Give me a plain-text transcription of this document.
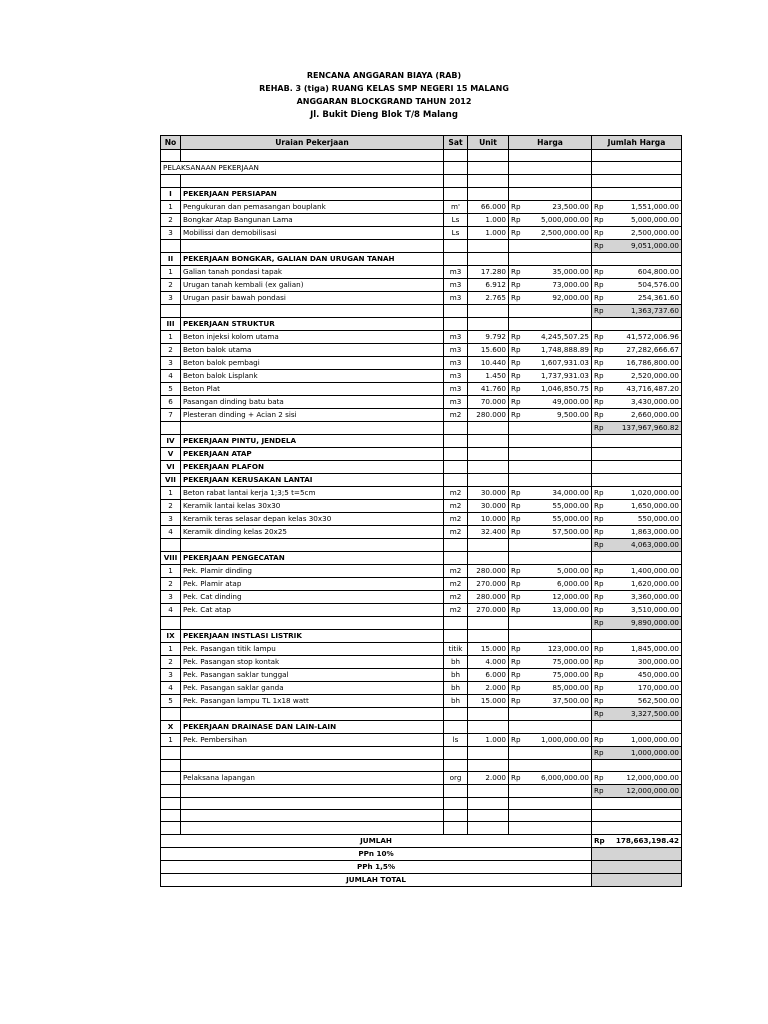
RENCANA ANGGARAN BIAYA (RAB)
REHAB. 3 (tiga) RUANG KELAS SMP NEGERI 15 MALANG
ANGGARAN BLOCKGRAND TAHUN 2012
Jl. Bukit Dieng Blok T/8 Malang
No	Uraian Pekerjaan	Sat	Unit	Harga		Jumlah Harga	

PELAKSANAAN PEKERJAAN							

I	PEKERJAAN PERSIAPAN						
1	Pengukuran dan pemasangan bouplank	m'	66.000	Rp	23,500.00	Rp	1,551,000.00
2	Bongkar Atap Bangunan Lama	Ls	1.000	Rp	5,000,000.00	Rp	5,000,000.00
3	Mobilissi dan demobilisasi	Ls	1.000	Rp	2,500,000.00	Rp	2,500,000.00
						Rp	9,051,000.00
II	PEKERJAAN BONGKAR, GALIAN DAN URUGAN TANAH						
1	Galian tanah pondasi tapak	m3	17.280	Rp	35,000.00	Rp	604,800.00
2	Urugan tanah kembali (ex galian)	m3	6.912	Rp	73,000.00	Rp	504,576.00
3	Urugan pasir bawah pondasi	m3	2.765	Rp	92,000.00	Rp	254,361.60
						Rp	1,363,737.60
III	PEKERJAAN STRUKTUR						
1	Beton injeksi kolom utama	m3	9.792	Rp	4,245,507.25	Rp	41,572,006.96
2	Beton balok utama	m3	15.600	Rp	1,748,888.89	Rp	27,282,666.67
3	Beton balok pembagi	m3	10.440	Rp	1,607,931.03	Rp	16,786,800.00
4	Beton balok Lisplank	m3	1.450	Rp	1,737,931.03	Rp	2,520,000.00
5	Beton Plat	m3	41.760	Rp	1,046,850.75	Rp	43,716,487.20
6	Pasangan dinding batu bata	m3	70.000	Rp	49,000.00	Rp	3,430,000.00
7	Plesteran dinding + Acian 2 sisi	m2	280.000	Rp	9,500.00	Rp	2,660,000.00
						Rp	137,967,960.82
IV	PEKERJAAN PINTU, JENDELA						
V	PEKERJAAN ATAP						
VI	PEKERJAAN PLAFON						
VII	PEKERJAAN KERUSAKAN LANTAI						
1	Beton rabat lantai kerja 1;3;5 t=5cm	m2	30.000	Rp	34,000.00	Rp	1,020,000.00
2	Keramik lantai kelas 30x30	m2	30.000	Rp	55,000.00	Rp	1,650,000.00
3	Keramik teras selasar depan kelas 30x30	m2	10.000	Rp	55,000.00	Rp	550,000.00
4	Keramik dinding kelas 20x25	m2	32.400	Rp	57,500.00	Rp	1,863,000.00
						Rp	4,063,000.00
VIII	PEKERJAAN PENGECATAN						
1	Pek. Plamir dinding	m2	280.000	Rp	5,000.00	Rp	1,400,000.00
2	Pek. Plamir atap	m2	270.000	Rp	6,000.00	Rp	1,620,000.00
3	Pek. Cat dinding	m2	280.000	Rp	12,000.00	Rp	3,360,000.00
4	Pek. Cat atap	m2	270.000	Rp	13,000.00	Rp	3,510,000.00
						Rp	9,890,000.00
IX	PEKERJAAN INSTLASI LISTRIK						
1	Pek. Pasangan titik lampu	titik	15.000	Rp	123,000.00	Rp	1,845,000.00
2	Pek. Pasangan stop kontak	bh	4.000	Rp	75,000.00	Rp	300,000.00
3	Pek. Pasangan saklar tunggal	bh	6.000	Rp	75,000.00	Rp	450,000.00
4	Pek. Pasangan saklar ganda	bh	2.000	Rp	85,000.00	Rp	170,000.00
5	Pek. Pasangan lampu TL 1x18 watt	bh	15.000	Rp	37,500.00	Rp	562,500.00
						Rp	3,327,500.00
X	PEKERJAAN DRAINASE DAN LAIN-LAIN						
1	Pek. Pembersihan	ls	1.000	Rp	1,000,000.00	Rp	1,000,000.00
						Rp	1,000,000.00

	Pelaksana lapangan	org	2.000	Rp	6,000,000.00	Rp	12,000,000.00
						Rp	12,000,000.00

JUMLAH						Rp	178,663,198.42
PPn 10%							
PPh 1,5%							
JUMLAH TOTAL							
